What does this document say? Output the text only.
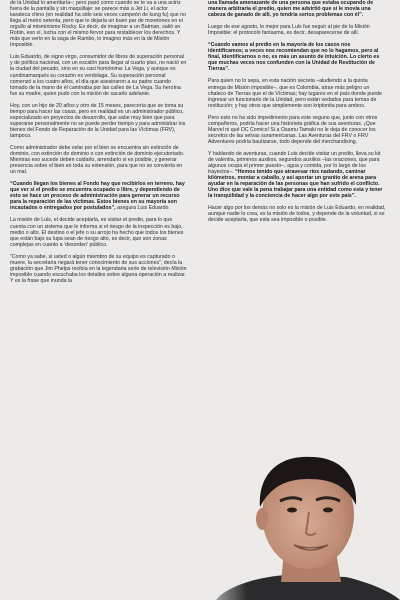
de la Unidad lo ameritaría–; pero pasó como cuando se te va a una actriz fuera de la pantalla y sin maquillaje: se parece más a Jet Li, el actor karateca chino (en realidad ha sido seis veces campeón de kung fu) que no llega al metro setenta, pero que le dejaría un buen par de moretones en el orgullo al misminismo Rocky. Es decir, de imaginar a un Batman, salió un Robin, eso sí, lucha con el mismo fervor para restablecer los derechos. Y más que verlo en la saga de Rambo, lo imagino más en la de Misión Imposible.

Luis Eduardo, de signo virgo, consumidor de libros de superación personal y de política nacional, con un escalón para llegar al cuarto piso, no nació en la ciudad del pecado, sino en su casi homónima: La Vega, y aunque es cundinamarqués su corazón es verdolaga. Su superación personal comenzó a los cuatro años, el día que asesinaron a su padre cuando tomado de la mano de él caminaba por las calles de La Vega. Su heroína fue su madre, quien pudo con la misión de sacarlo adelante.

Hoy, con un hijo de 20 años y otro de 15 meses, parecería que se toma su tiempo para hacer las cosas, pero en realidad es un administrador público, especializado en proyectos de desarrollo, que sabe muy bien que para superarse personalmente no se puede perder tiempo y para administrar los bienes del Fondo de Reparación de la Unidad para las Víctimas (FRV), tampoco.

Como administrador debe velar por el bien se encuentra sin extinción de dominio, con extinción de dominio o con extinción de dominio ejecutoriado. Mientras eso sucede deben cuidarlo, arrendarlo si es posible, y generar presencia sobre el bien en toda su extensión, para que no se convierta en un mal.

“Cuando llegan los bienes al Fondo hay que recibirlos en terreno, hay que ver si el predio se encuentra ocupado o libre, y dependiendo de esto se hace un proceso de administración para generar un recurso para la reparación de las víctimas. Estos bienes en su mayoría son incautados o entregados por postulados”, asegura Luis Eduardo.

La misión de Luis, el decide aceptarla, es visitar el predio, para lo que cuenta con un sistema que le informa si el riesgo de la inspección es bajo, medio o alto. El destino o el jefe o su arrojo ha hecho que todos los bienes que están bajo su lupa sean de riesgo alto, es decir, que son zonas complejas en cuanto a ‘desorden’ público.

“Como ya sabe, si usted o algún miembro de su equipo es capturado o muere, la secretaria negará tener conocimiento de sus acciones”, decía la grabación que Jim Phelps recibía en la legendaria serie de televisión Misión imposible cuando escuchaba los detalles sobre alguna operación a realizar. Y es la frase que inunda la

una llamada amenazante de una persona que estaba ocupando de manera arbitraria el predio, quien me advirtió que si le movía una cabeza de ganado de allí, yo tendría serios problemas con él”.

Luego de ese agosto, lo mejor para Luis fue seguir al pie de la Misión Imposible: el protocolo fantasma, es decir, desaparecerse de allí.

“Cuando vamos al predio en la mayoría de los casos nos identificamos; a veces nos recomiendan que no lo hagamos, pero al final, identificarnos o no, es más un asunto de intuición. Lo cierto es que muchas veces nos confunden con la Unidad de Restitución de Tierras”.

Para quien no lo sepa, en esta nación secreta –aludiendo a la quinta entrega de Misión imposible–, que es Colombia, atrae más peligro un chaleco de Tierras que el de Víctimas; hay lugares en el país donde puede ingresar un funcionario de la Unidad, pero están vedados para temas de restitución; y hay otros que simplemente son kriptonita para ambos.

Pero esto no ha sido impedimento para este veguno que, junto con otros compañeros, podría hacer una historieta gráfica de sus aventuras. ¡Que Marvel ni qué DC Comics! Si a Osamu Tamaki no le deja de conocer los secretos de las selvas suramericanas. Las Aventuras del FRV o FRV Adventures podría bautizarse, todo depende del merchandising.

Y hablando de aventuras, cuando Luis decide visitar un predio, lleva su kit de valentía, primeros auxilios, segundos auxilios –las oraciones, que para algunos ocupa el primer puesto–, agua y comida, por lo largo de los trayectos–. “Hemos tenido que atravesar ríos nadando, caminar kilómetros, montar a caballo, y así aportar un granito de arena para ayudar en la reparación de las personas que han sufrido el conflicto. Uno dice que vale la pena trabajar para una entidad como esta y tener la tranquilidad y la conciencia de hacer algo por este país”.

Hacer algo por los demás no solo es la misión de Luis Eduardo, en realidad, aunque nadie lo crea, es la misión de todos, y depende de la voluntad, si se decide aceptarla, que esta sea imposible o posible.
